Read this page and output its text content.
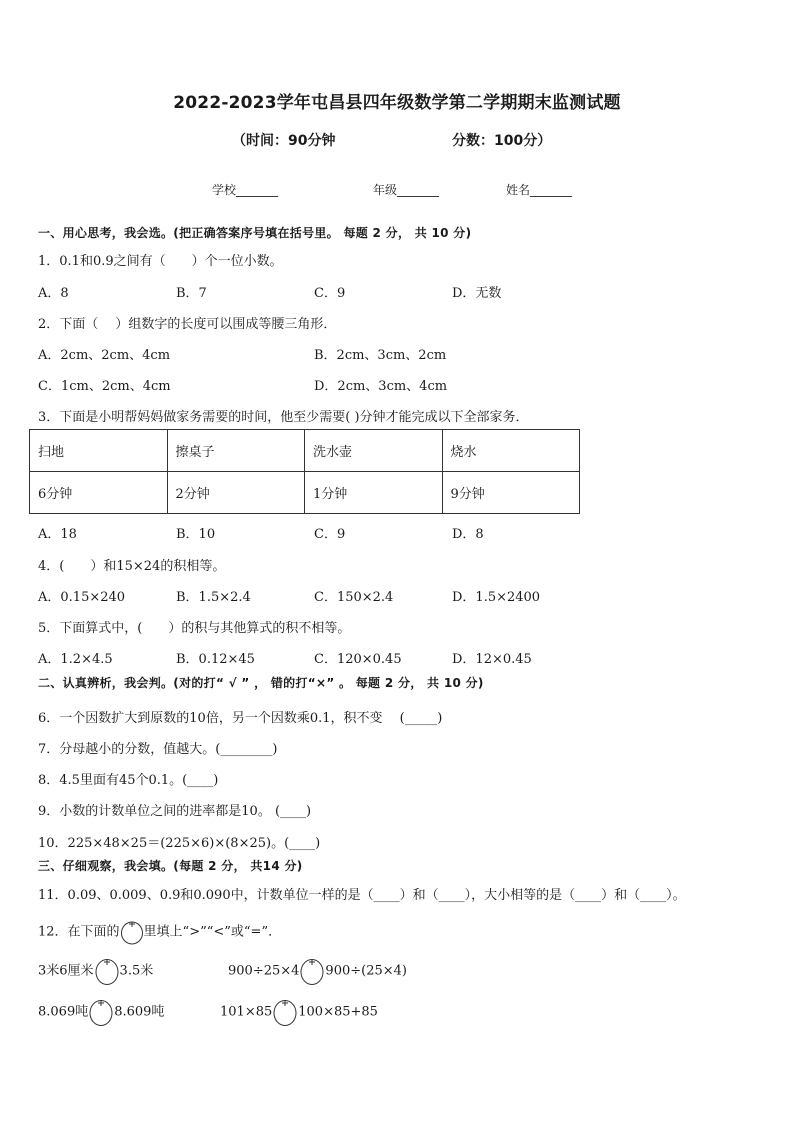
2022-2023学年屯昌县四年级数学第二学期期末监测试题
（时间：90分钟	分数：100分）
学校_______	年级_______	姓名_______
一、用心思考，我会选。(把正确答案序号填在括号里。 每题 2 分， 共 10 分)
1．0.1和0.9之间有（　　）个一位小数。
A．8	B．7	C．9	D．无数
2．下面（　 ）组数字的长度可以围成等腰三角形．
A．2cm、2cm、4cm	B．2cm、3cm、2cm
C．1cm、2cm、4cm	D．2cm、3cm、4cm
3．下面是小明帮妈妈做家务需要的时间，他至少需要( )分钟才能完成以下全部家务．
扫地	擦桌子	洗水壶	烧水
6分钟	2分钟	1分钟	9分钟
A．18	B．10	C．9	D．8
4．(　　）和15×24的积相等。
A．0.15×240	B．1.5×2.4	C．150×2.4	D．1.5×2400
5．下面算式中，(　　）的积与其他算式的积不相等。
A．1.2×4.5	B．0.12×45	C．120×0.45	D．12×0.45
二、认真辨析，我会判。(对的打“ √ ” ， 错的打“×” 。 每题 2 分， 共 10 分)
6．一个因数扩大到原数的10倍，另一个因数乘0.1，积不变　 (_____)
7．分母越小的分数，值越大。(________)
8．4.5里面有45个0.1。(____)
9．小数的计数单位之间的进率都是10。 (____)
10．225×48×25＝(225×6)×(8×25)。(____)
三、仔细观察，我会填。(每题 2 分， 共14 分)
11．0.09、0.009、0.9和0.090中，计数单位一样的是（____）和（____），大小相等的是（____）和（____）。
12．在下面的 里填上“>”“<”或“=”．
3米6厘米 3.5米	900÷25×4 900÷(25×4)
8.069吨 8.609吨	101×85 100×85+85
